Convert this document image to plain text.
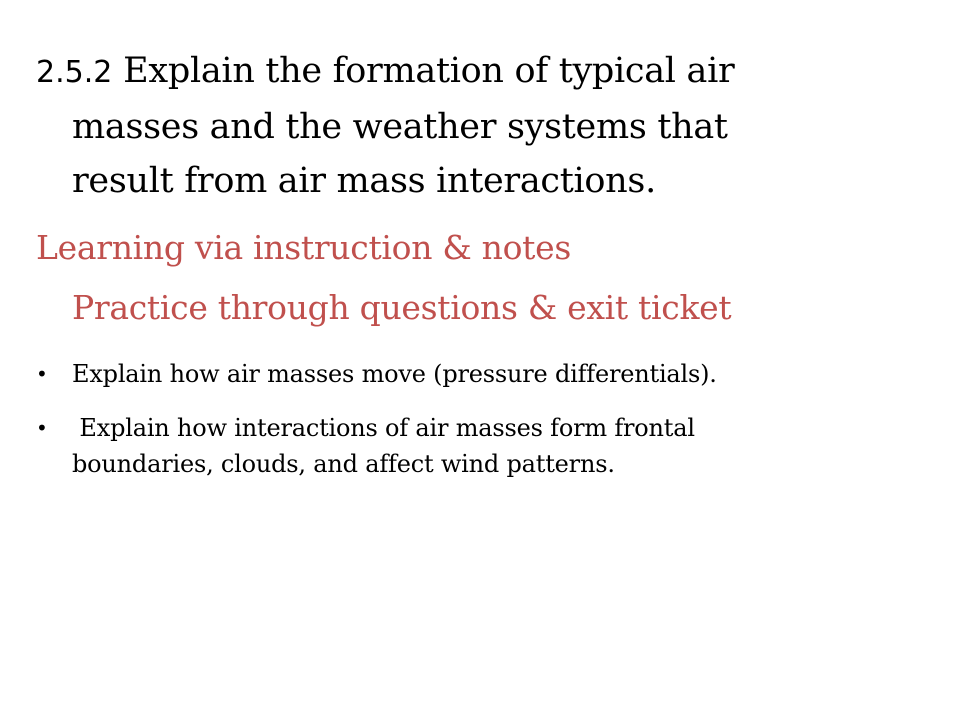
2.5.2 Explain the formation of typical air
masses and the weather systems that
result from air mass interactions.
Learning via instruction & notes
Practice through questions & exit ticket
•	Explain how air masses move (pressure differentials).
•	Explain how interactions of air masses form frontal
boundaries, clouds, and affect wind patterns.
